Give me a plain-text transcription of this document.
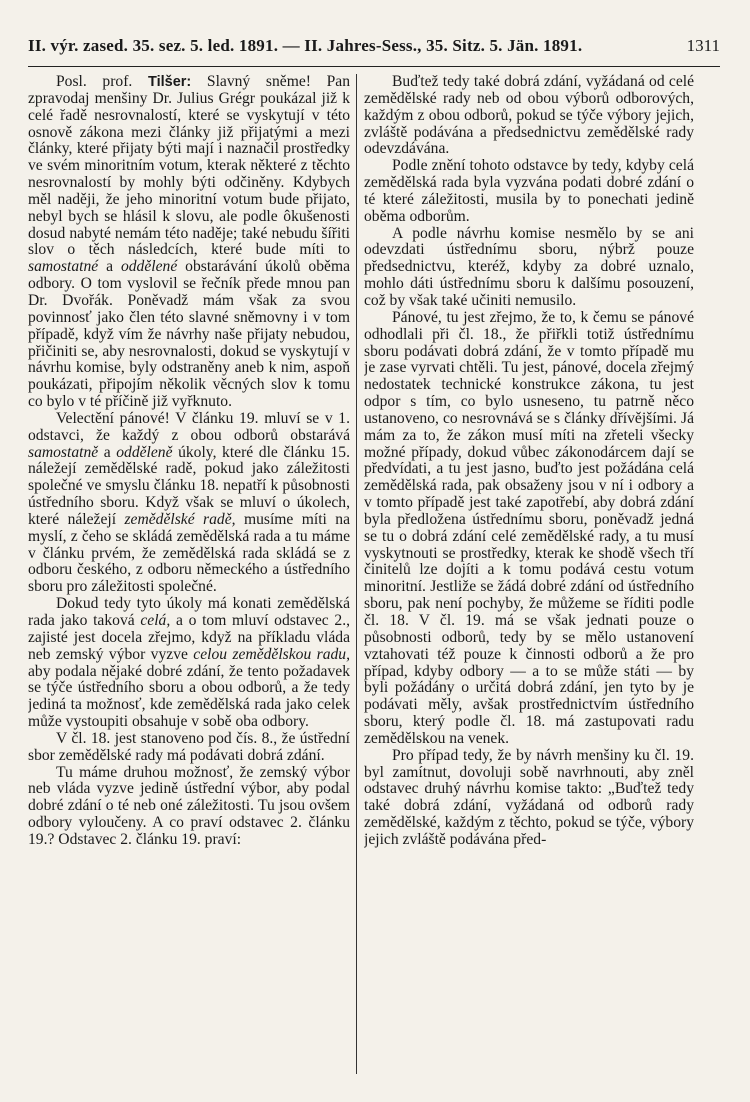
II. výr. zased. 35. sez. 5. led. 1891. — II. Jahres-Sess., 35. Sitz. 5. Jän. 1891.	1311

Posl. prof. Tilšer: Slavný sněme! Pan zpravodaj menšiny Dr. Julius Grégr poukázal již k celé řadě nesrovnalostí, které se vyskytují v této osnově zákona mezi články již přijatými a mezi články, které přijaty býti mají i naznačil prostředky ve svém minoritním votum, kterak některé z těchto nesrovnalostí by mohly býti odčiněny. Kdybych měl naději, že jeho minoritní votum bude přijato, nebyl bych se hlásil k slovu, ale podle ôkušenosti dosud nabyté nemám této naděje; také nebudu šířiti slov o těch následcích, které bude míti to samostatné a oddělené obstarávání úkolů oběma odbory. O tom vyslovil se řečník přede mnou pan Dr. Dvořák. Poněvadž mám však za svou povinnosť jako člen této slavné sněmovny i v tom případě, když vím že návrhy naše přijaty nebudou, přičiniti se, aby nesrovnalosti, dokud se vyskytují v návrhu komise, byly odstraněny aneb k nim, aspoň poukázati, připojím několik věcných slov k tomu co bylo v té příčině již vyřknuto.

Velectění pánové! V článku 19. mluví se v 1. odstavci, že každý z obou odborů obstarává samostatně a odděleně úkoly, které dle článku 15. náležejí zemědělské radě, pokud jako záležitosti společné ve smyslu článku 18. nepatří k působnosti ústředního sboru. Když však se mluví o úkolech, které náležejí zemědělské radě, musíme míti na myslí, z čeho se skládá zemědělská rada a tu máme v článku prvém, že zemědělská rada skládá se z odboru českého, z odboru německého a ústředního sboru pro záležitosti společné.

Dokud tedy tyto úkoly má konati zemědělská rada jako taková celá, a o tom mluví odstavec 2., zajisté jest docela zřejmo, když na příkladu vláda neb zemský výbor vyzve celou zemědělskou radu, aby podala nějaké dobré zdání, že tento požadavek se týče ústředního sboru a obou odborů, a že tedy jediná ta možnosť, kde zemědělská rada jako celek může vystoupiti obsahuje v sobě oba odbory.

V čl. 18. jest stanoveno pod čís. 8., že ústřední sbor zemědělské rady má podávati dobrá zdání.

Tu máme druhou možnosť, že zemský výbor neb vláda vyzve jedině ústřední výbor, aby podal dobré zdání o té neb oné záležitosti. Tu jsou ovšem odbory vyloučeny. A co praví odstavec 2. článku 19.? Odstavec 2. článku 19. praví:

Buďtež tedy také dobrá zdání, vyžádaná od celé zemědělské rady neb od obou výborů odborových, každým z obou odborů, pokud se týče výbory jejich, zvláště podávána a předsednictvu zemědělské rady odevzdávána.

Podle znění tohoto odstavce by tedy, kdyby celá zemědělská rada byla vyzvána podati dobré zdání o té které záležitosti, musila by to ponechati jedině oběma odborům.

A podle návrhu komise nesmělo by se ani odevzdati ústřednímu sboru, nýbrž pouze předsednictvu, kteréž, kdyby za dobré uznalo, mohlo dáti ústřednímu sboru k dalšímu posouzení, což by však také učiniti nemusilo.

Pánové, tu jest zřejmo, že to, k čemu se pánové odhodlali při čl. 18., že přiřkli totiž ústřednímu sboru podávati dobrá zdání, že v tomto případě mu je zase vyrvati chtěli. Tu jest, pánové, docela zřejmý nedostatek technické konstrukce zákona, tu jest odpor s tím, co bylo usneseno, tu patrně něco ustanoveno, co nesrovnává se s články dřívějšími. Já mám za to, že zákon musí míti na zřeteli všecky možné případy, dokud vůbec zákonodárcem dají se předvídati, a tu jest jasno, buďto jest požádána celá zemědělská rada, pak obsaženy jsou v ní i odbory a v tomto případě jest také zapotřebí, aby dobrá zdání byla předložena ústřednímu sboru, poněvadž jedná se tu o dobrá zdání celé zemědělské rady, a tu musí vyskytnouti se prostředky, kterak ke shodě všech tří činitelů lze dojíti a k tomu podává cestu votum minoritní. Jestliže se žádá dobré zdání od ústředního sboru, pak není pochyby, že můžeme se říditi podle čl. 18. V čl. 19. má se však jednati pouze o působnosti odborů, tedy by se mělo ustanovení vztahovati též pouze k činnosti odborů a že pro případ, kdyby odbory — a to se může státi — by byli požádány o určitá dobrá zdání, jen tyto by je podávati měly, avšak prostřednictvím ústředního sboru, který podle čl. 18. má zastupovati radu zemědělskou na venek.

Pro případ tedy, že by návrh menšiny ku čl. 19. byl zamítnut, dovoluji sobě navrhnouti, aby zněl odstavec druhý návrhu komise takto: „Buďtež tedy také dobrá zdání, vyžádaná od odborů rady zemědělské, každým z těchto, pokud se týče, výbory jejich zvláště podávána před-
